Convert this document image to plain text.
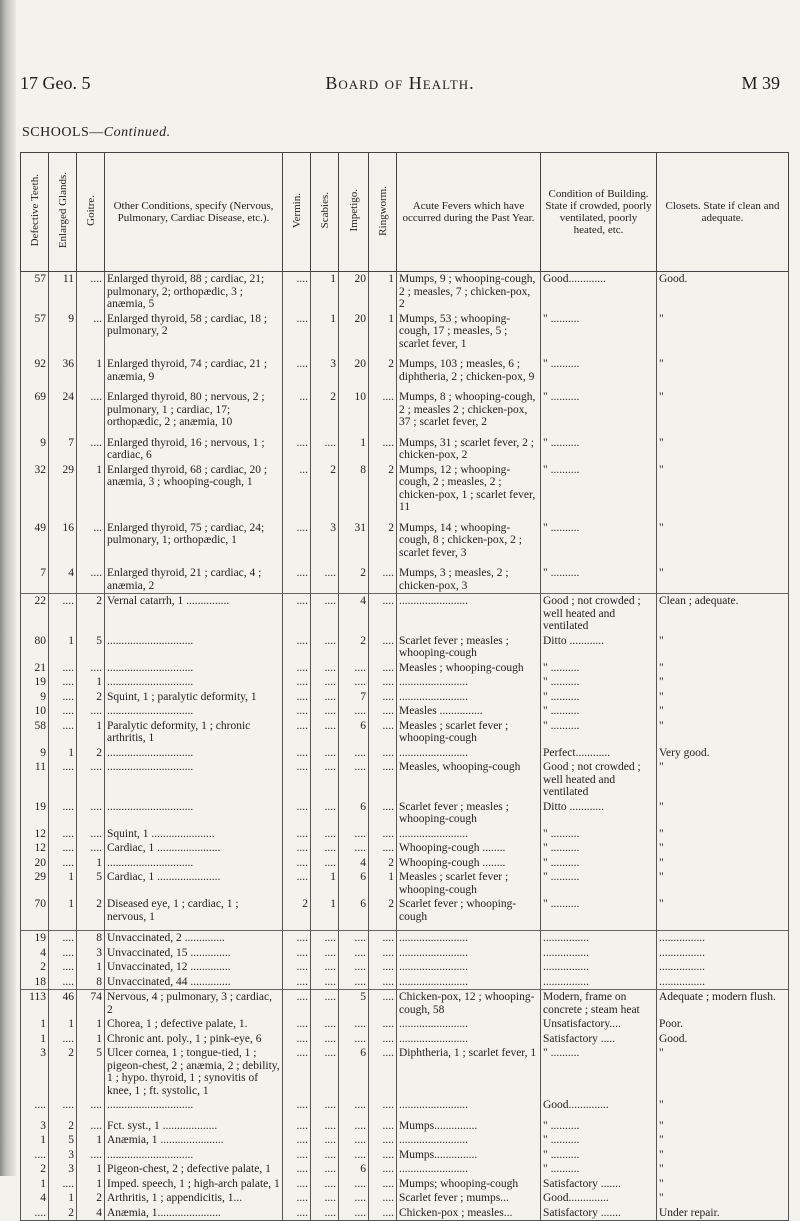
17 Geo. 5	Board of Health.	M 39
SCHOOLS—Continued.
Defective Teeth.	Enlarged Glands.	Goitre.	Other Conditions, specify (Nervous, Pulmonary, Cardiac Disease, etc.).	Vermin.	Scabies.	Impetigo.	Ringworm.	Acute Fevers which have occurred during the Past Year.	Condition of Building. State if crowded, poorly ventilated, poorly heated, etc.	Closets. State if clean and adequate.
57	11	....	Enlarged thyroid, 88 ; cardiac, 21; pulmonary, 2; orthopædic, 3 ; anæmia, 5	....	1	20	1	Mumps, 9 ; whooping-cough, 2 ; measles, 7 ; chicken-pox, 2	Good.............	Good.
57	9	...	Enlarged thyroid, 58 ; cardiac, 18 ; pulmonary, 2	....	1	20	1	Mumps, 53 ; whooping-cough, 17 ; measles, 5 ; scarlet fever, 1	" ..........	"

92	36	1	Enlarged thyroid, 74 ; cardiac, 21 ; anæmia, 9	....	3	20	2	Mumps, 103 ; measles, 6 ; diphtheria, 2 ; chicken-pox, 9	" ..........	"

69	24	....	Enlarged thyroid, 80 ; nervous, 2 ; pulmonary, 1 ; cardiac, 17; orthopædic, 2 ; anæmia, 10	...	2	10	....	Mumps, 8 ; whooping-cough, 2 ; measles 2 ; chicken-pox, 37 ; scarlet fever, 2	" ..........	"

9	7	....	Enlarged thyroid, 16 ; nervous, 1 ; cardiac, 6	....	....	1	....	Mumps, 31 ; scarlet fever, 2 ; chicken-pox, 2	" ..........	"
32	29	1	Enlarged thyroid, 68 ; cardiac, 20 ; anæmia, 3 ; whooping-cough, 1	...	2	8	2	Mumps, 12 ; whooping-cough, 2 ; measles, 2 ; chicken-pox, 1 ; scarlet fever, 11	" ..........	"

49	16	...	Enlarged thyroid, 75 ; cardiac, 24; pulmonary, 1; orthopædic, 1	....	3	31	2	Mumps, 14 ; whooping-cough, 8 ; chicken-pox, 2 ; scarlet fever, 3	" ..........	"

7	4	....	Enlarged thyroid, 21 ; cardiac, 4 ; anæmia, 2	....	....	2	....	Mumps, 3 ; measles, 2 ; chicken-pox, 3	" ..........	"
22	....	2	Vernal catarrh, 1 ...............	....	....	4	....	........................	Good ; not crowded ; well heated and ventilated	Clean ; adequate.
80	1	5	..............................	....	....	2	....	Scarlet fever ; measles ; whooping-cough	Ditto ............	"
21	....	....	..............................	....	....	....	....	Measles ; whooping-cough	" ..........	"
19	....	1	..............................	....	....	....	....	........................	" ..........	"
9	....	2	Squint, 1 ; paralytic deformity, 1	....	....	7	....	........................	" ..........	"
10	....	....	..............................	....	....	....	....	Measles ...............	" ..........	"
58	....	1	Paralytic deformity, 1 ; chronic arthritis, 1	....	....	6	....	Measles ; scarlet fever ; whooping-cough	" ..........	"
9	1	2	..............................	....	....	....	....	........................	Perfect............	Very good.
11	....	....	..............................	....	....	....	....	Measles, whooping-cough	Good ; not crowded ; well heated and ventilated	"
19	....	....	..............................	....	....	6	....	Scarlet fever ; measles ; whooping-cough	Ditto ............	"
12	....	....	Squint, 1 ......................	....	....	....	....	........................	" ..........	"
12	....	....	Cardiac, 1 ......................	....	....	....	....	Whooping-cough ........	" ..........	"
20	....	1	..............................	....	....	4	2	Whooping-cough ........	" ..........	"
29	1	5	Cardiac, 1 ......................	....	1	6	1	Measles ; scarlet fever ; whooping-cough	" ..........	"
70	1	2	Diseased eye, 1 ; cardiac, 1 ; nervous, 1	2	1	6	2	Scarlet fever ; whooping-cough	" ..........	"

19	....	8	Unvaccinated, 2 ..............	....	....	....	....	........................	................	................
4	....	3	Unvaccinated, 15 ..............	....	....	....	....	........................	................	................
2	....	1	Unvaccinated, 12 ..............	....	....	....	....	........................	................	................
18	....	8	Unvaccinated, 44 ..............	....	....	....	....	........................	................	................
113	46	74	Nervous, 4 ; pulmonary, 3 ; cardiac, 2	....	....	5	....	Chicken-pox, 12 ; whooping-cough, 58	Modern, frame on concrete ; steam heat	Adequate ; modern flush.
1	1	1	Chorea, 1 ; defective palate, 1.	....	....	....	....	........................	Unsatisfactory....	Poor.
1	....	1	Chronic ant. poly., 1 ; pink-eye, 6	....	....	....	....	........................	Satisfactory .....	Good.
3	2	5	Ulcer cornea, 1 ; tongue-tied, 1 ; pigeon-chest, 2 ; anæmia, 2 ; debility, 1 ; hypo. thyroid, 1 ; synovitis of knee, 1 ; ft. systolic, 1	....	....	6	....	Diphtheria, 1 ; scarlet fever, 1	" ..........	"
....	....	....	..............................	....	....	....	....	........................	Good..............	"

3	2	....	Fct. syst., 1 ...................	....	....	....	....	Mumps...............	" ..........	"
1	5	1	Anæmia, 1 ......................	....	....	....	....	........................	" ..........	"
....	3	....	..............................	....	....	....	....	Mumps...............	" ..........	"
2	3	1	Pigeon-chest, 2 ; defective palate, 1	....	....	6	....	........................	" ..........	"
1	....	1	Imped. speech, 1 ; high-arch palate, 1	....	....	....	....	Mumps; whooping-cough	Satisfactory .......	"
4	1	2	Arthritis, 1 ; appendicitis, 1...	....	....	....	....	Scarlet fever ; mumps...	Good..............	"
....	2	4	Anæmia, 1......................	....	....	....	....	Chicken-pox ; measles...	Satisfactory .......	Under repair.
